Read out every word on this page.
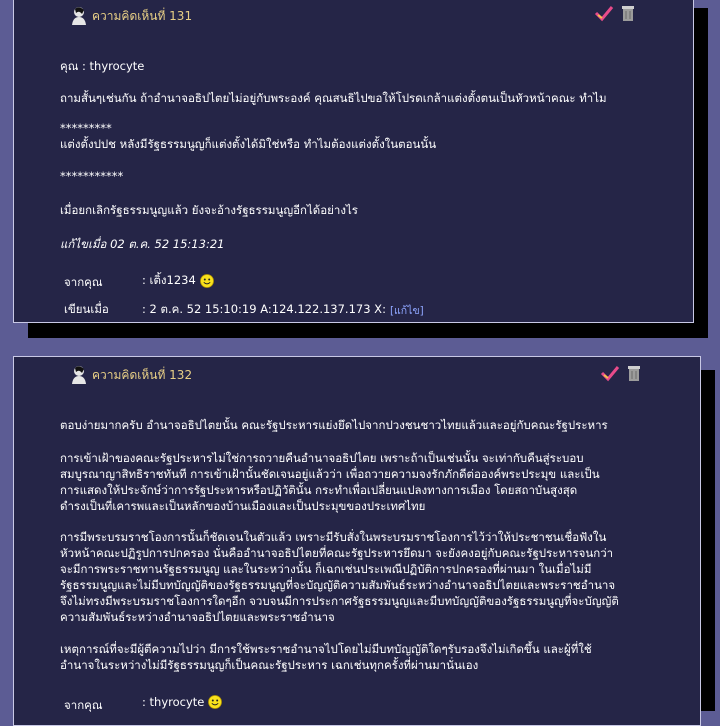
ความคิดเห็นที่ 131

คุณ : thyrocyte

ถามสั้นๆเช่นกัน ถ้าอำนาจอธิปไตยไม่อยู่กับพระองค์ คุณสนธิไปขอให้โปรดเกล้าแต่งตั้งตนเป็นหัวหน้าคณะ ทำไม

*********
แต่งตั้งปปช หลังมีรัฐธรรมนูญก็แต่งตั้งได้มิใช่หรือ ทำไมต้องแต่งตั้งในตอนนั้น

***********

เมื่อยกเลิกรัฐธรรมนูญแล้ว ยังจะอ้างรัฐธรรมนูญอีกได้อย่างไร

แก้ไขเมื่อ 02 ต.ค. 52 15:13:21

จากคุณ	: เติ้ง1234
เขียนเมื่อ	: 2 ต.ค. 52 15:10:19 A:124.122.137.173 X: [แก้ไข]
ความคิดเห็นที่ 132

ตอบง่ายมากครับ อำนาจอธิปไตยนั้น คณะรัฐประหารแย่งยึดไปจากปวงชนชาวไทยแล้วและอยู่กับคณะรัฐประหาร

การเข้าเฝ้าของคณะรัฐประหารไม่ใช่การถวายคืนอำนาจอธิปไตย เพราะถ้าเป็นเช่นนั้น จะเท่ากับคืนสู่ระบอบ
สมบูรณาญาสิทธิราชทันที การเข้าเฝ้านั้นชัดเจนอยู่แล้วว่า เพื่อถวายความจงรักภักดีต่อองค์พระประมุข และเป็น
การแสดงให้ประจักษ์ว่าการรัฐประหารหรือปฏิวัตินั้น กระทำเพื่อเปลี่ยนแปลงทางการเมือง โดยสถาบันสูงสุด
ดำรงเป็นที่เคารพและเป็นหลักของบ้านเมืองและเป็นประมุขของประเทศไทย

การมีพระบรมราชโองการนั้นก็ชัดเจนในตัวแล้ว เพราะมีรับสั่งในพระบรมราชโองการไว้ว่าให้ประชาชนเชื่อฟังใน
หัวหน้าคณะปฏิรูปการปกครอง นั่นคืออำนาจอธิปไตยที่คณะรัฐประหารยึดมา จะยังคงอยู่กับคณะรัฐประหารจนกว่า
จะมีการพระราชทานรัฐธรรมนูญ และในระหว่างนั้น ก็เฉกเช่นประเพณีปฏิบัติการปกครองที่ผ่านมา ในเมื่อไม่มี
รัฐธรรมนูญและไม่มีบทบัญญัติของรัฐธรรมนูญที่จะบัญญัติความสัมพันธ์ระหว่างอำนาจอธิปไตยและพระราชอำนาจ
จึงไม่ทรงมีพระบรมราชโองการใดๆอีก จวบจนมีการประกาศรัฐธรรมนูญและมีบทบัญญัติของรัฐธรรมนูญที่จะบัญญัติ
ความสัมพันธ์ระหว่างอำนาจอธิปไตยและพระราชอำนาจ

เหตุการณ์ที่จะมีผู้ตีความไปว่า มีการใช้พระราชอำนาจไปโดยไม่มีบทบัญญัติใดๆรับรองจึงไม่เกิดขึ้น และผู้ที่ใช้
อำนาจในระหว่างไม่มีรัฐธรรมนูญก็เป็นคณะรัฐประหาร เฉกเช่นทุกครั้งที่ผ่านมานั่นเอง

จากคุณ	: thyrocyte
